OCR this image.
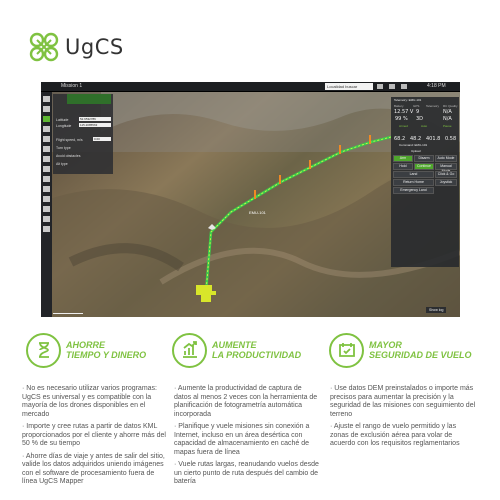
UgCS
Mission 1	Localidad buscar	4:18 PM
Latitude	52.9532786
Longitude	115.2085563
Flight speed, m/s	0.00
Turn type
Avoid obstacles
Alt type
Telemetry: EMU-101
Battery	GPS Telemetry RC Quality
12.57 V 9	N/A
99 % 3D	N/A
Armed	Auto	Pause
68.2 48.2 401.8 0.58
Upload
Arm	Disarm	Auto Mode
Hold	Continue	Manual
Land	Click & Go
Return Home	Joystick
Emergency Land
Command: EMU-101
EMU-101
Show log
AHORRE
TIEMPO Y DINERO

· No es necesario utilizar varios programas: UgCS es universal y es compatible con la mayoría de los drones disponibles en el mercado

· Importe y cree rutas a partir de datos KML proporcionados por el cliente y ahorre más del 50 % de su tiempo

· Ahorre días de viaje y antes de salir del sitio, valide los datos adquiridos uniendo imágenes con el software de procesamiento fuera de línea UgCS Mapper

AUMENTE
LA PRODUCTIVIDAD

· Aumente la productividad de captura de datos al menos 2 veces con la herramienta de planificación de fotogrametría automática incorporada

· Planifique y vuele misiones sin conexión a Internet, incluso en un área desértica con capacidad de almacenamiento en caché de mapas fuera de línea

· Vuele rutas largas, reanudando vuelos desde un cierto punto de ruta después del cambio de batería

MAYOR
SEGURIDAD DE VUELO

· Use datos DEM preinstalados o importe más precisos para aumentar la precisión y la seguridad de las misiones con seguimiento del terreno

· Ajuste el rango de vuelo permitido y las zonas de exclusión aérea para volar de acuerdo con los requisitos reglamentarios
